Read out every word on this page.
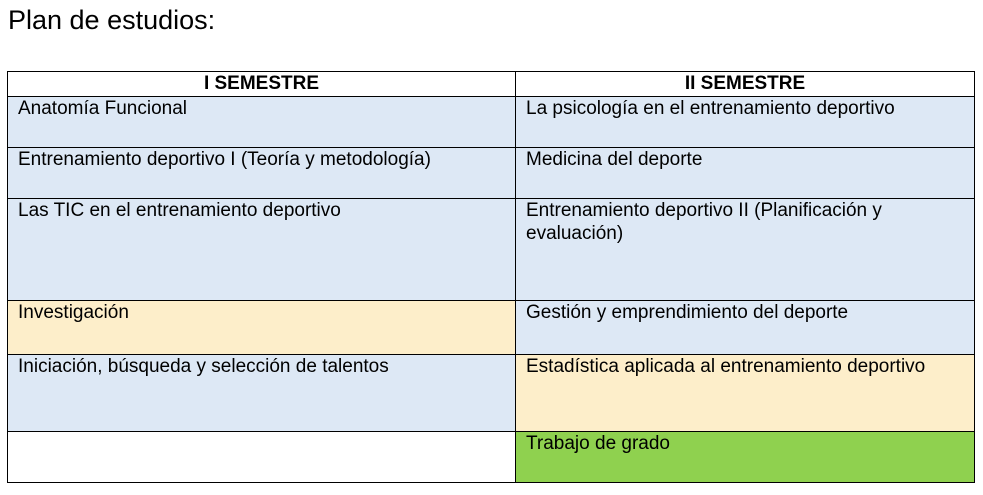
Plan de estudios:
I SEMESTRE	II SEMESTRE
Anatomía Funcional	La psicología en el entrenamiento deportivo
Entrenamiento deportivo I (Teoría y metodología)	Medicina del deporte
Las TIC en el entrenamiento deportivo	Entrenamiento deportivo II (Planificación y evaluación)
Investigación	Gestión y emprendimiento del deporte
Iniciación, búsqueda y selección de talentos	Estadística aplicada al entrenamiento deportivo
	Trabajo de grado
